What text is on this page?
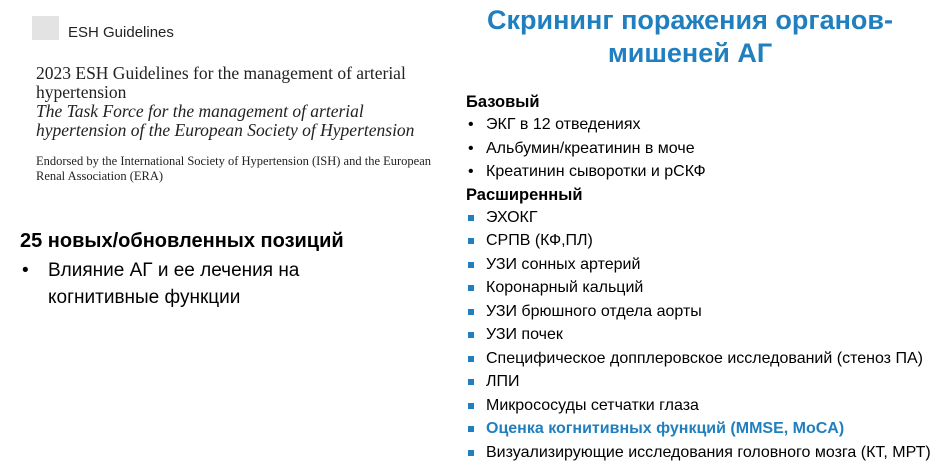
ESH Guidelines
2023 ESH Guidelines for the management of arterial hypertension
The Task Force for the management of arterial hypertension of the European Society of Hypertension
Endorsed by the International Society of Hypertension (ISH) and the European Renal Association (ERA)
25 новых/обновленных позиций
• Влияние АГ и ее лечения на когнитивные функции
Скрининг поражения органов-мишеней АГ
Базовый
• ЭКГ в 12 отведениях
• Альбумин/креатинин в моче
• Креатинин сыворотки и рСКФ
Расширенный
ЭХОКГ
СРПВ (КФ,ПЛ)
УЗИ сонных артерий
Коронарный кальций
УЗИ брюшного отдела аорты
УЗИ почек
Специфическое допплеровское исследований (стеноз ПА)
ЛПИ
Микрососуды сетчатки глаза
Оценка когнитивных функций (MMSE, MoCA)
Визуализирующие исследования головного мозга (КТ, МРТ)
